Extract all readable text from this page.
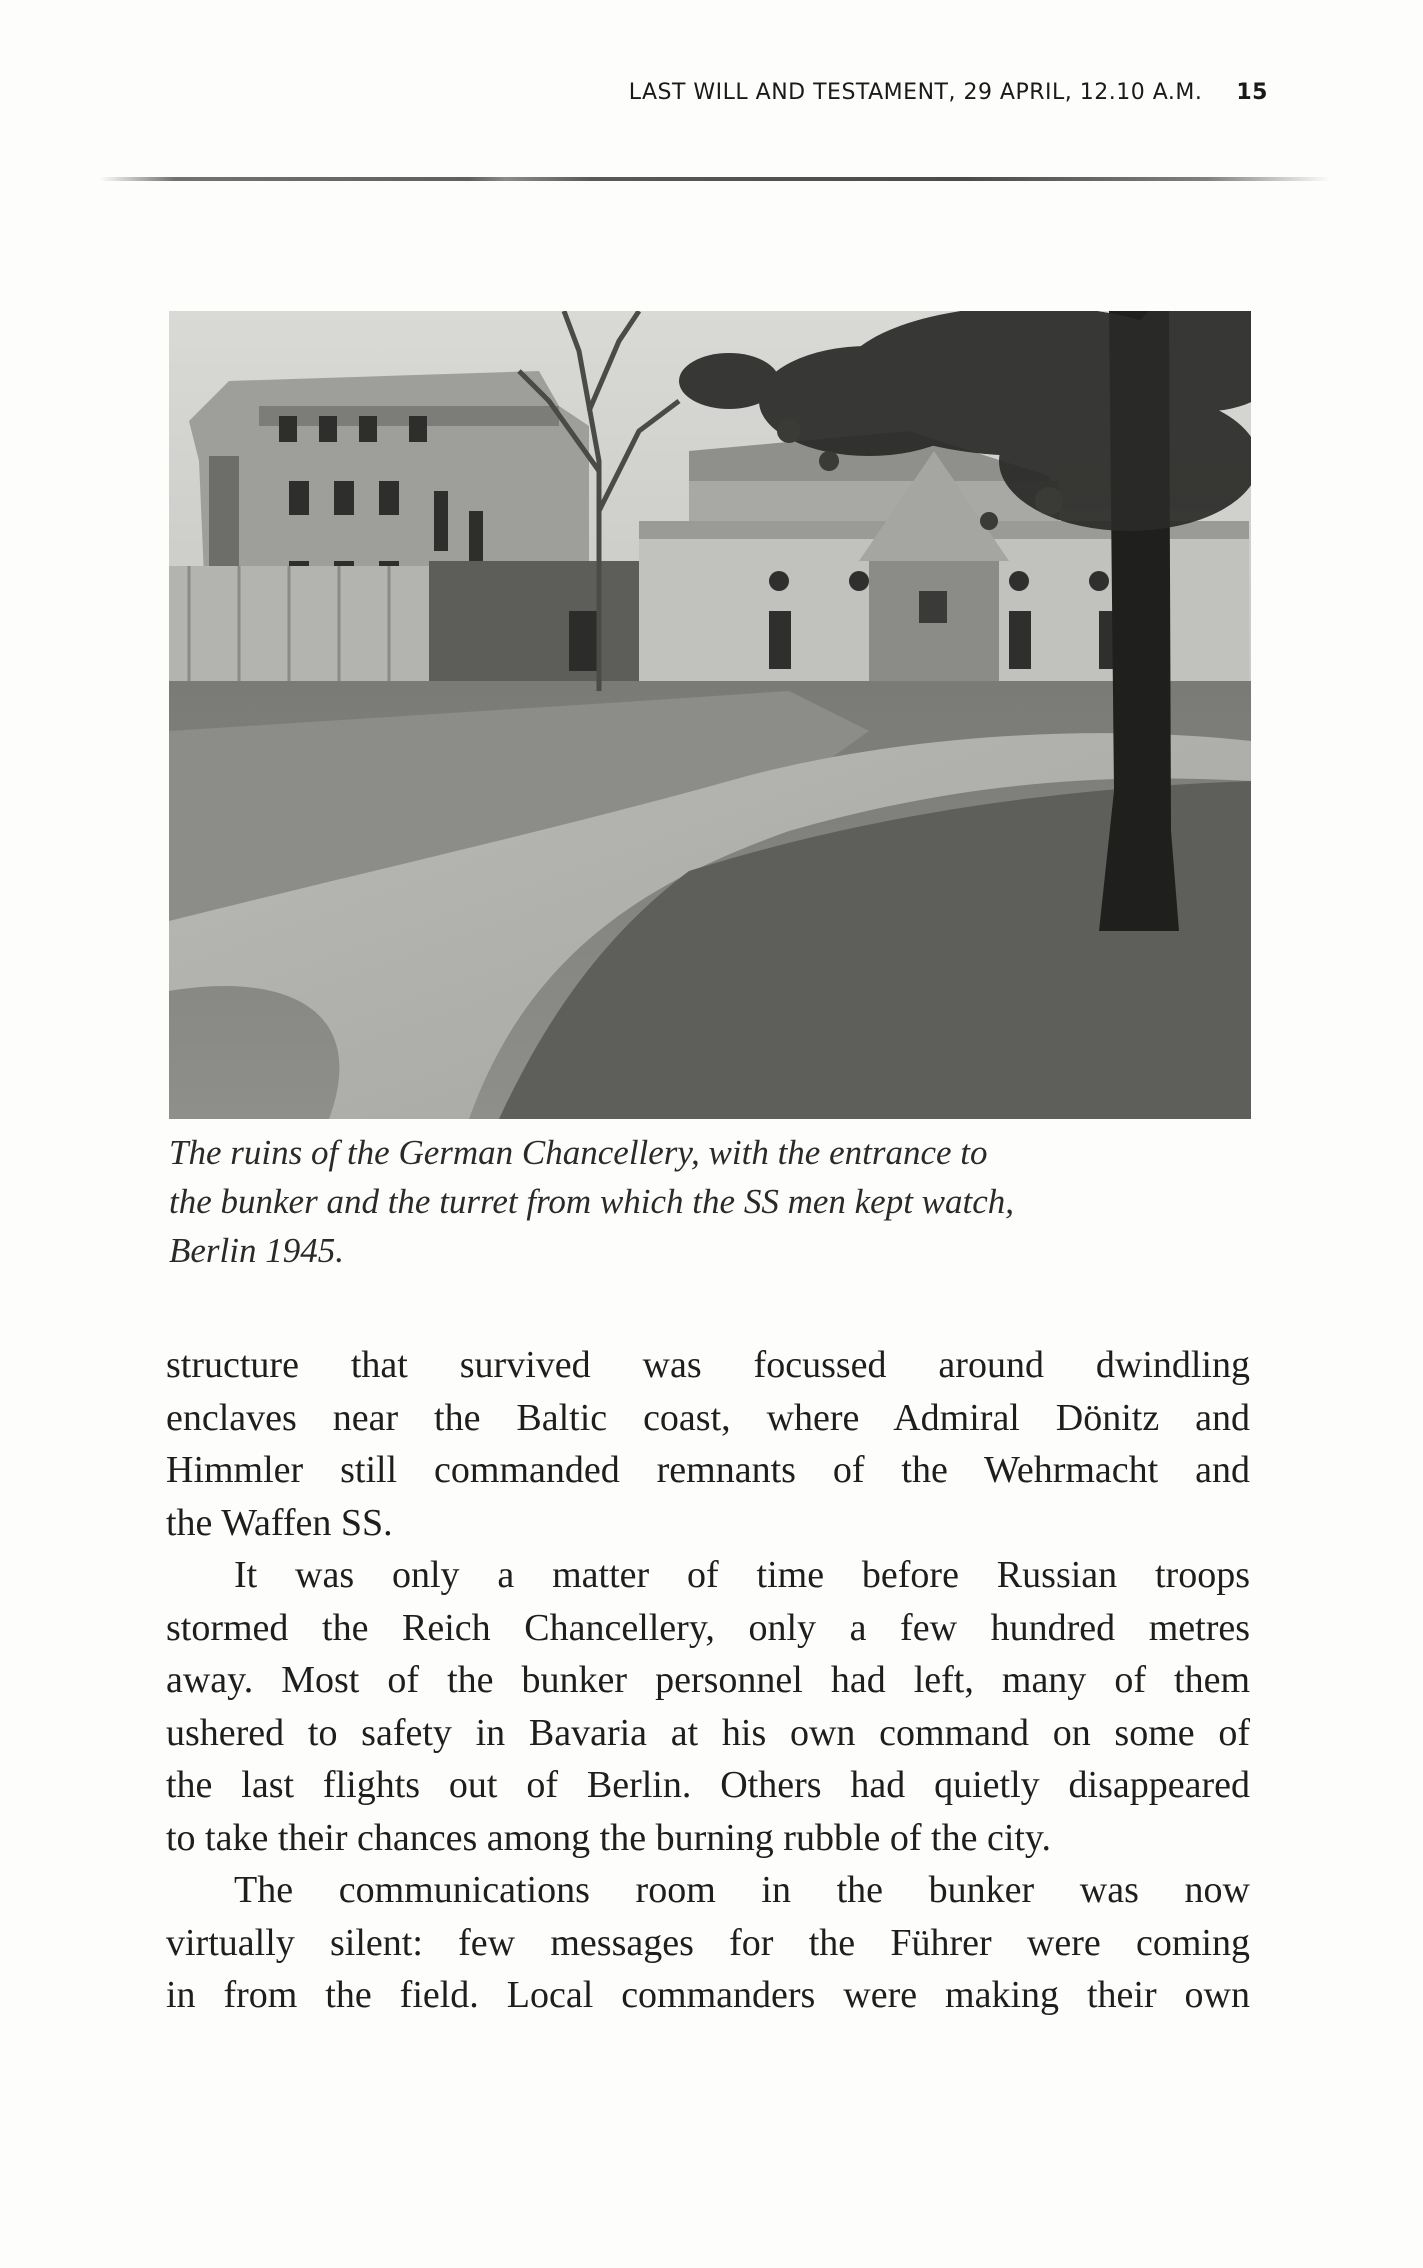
LAST WILL AND TESTAMENT, 29 APRIL, 12.10 A.M. 15
The ruins of the German Chancellery, with the entrance to
the bunker and the turret from which the SS men kept watch,
Berlin 1945.
structure that survived was focussed around dwindling
enclaves near the Baltic coast, where Admiral Dönitz and
Himmler still commanded remnants of the Wehrmacht and
the Waffen SS.
It was only a matter of time before Russian troops
stormed the Reich Chancellery, only a few hundred metres
away. Most of the bunker personnel had left, many of them
ushered to safety in Bavaria at his own command on some of
the last flights out of Berlin. Others had quietly disappeared
to take their chances among the burning rubble of the city.
The communications room in the bunker was now
virtually silent: few messages for the Führer were coming
in from the field. Local commanders were making their own
